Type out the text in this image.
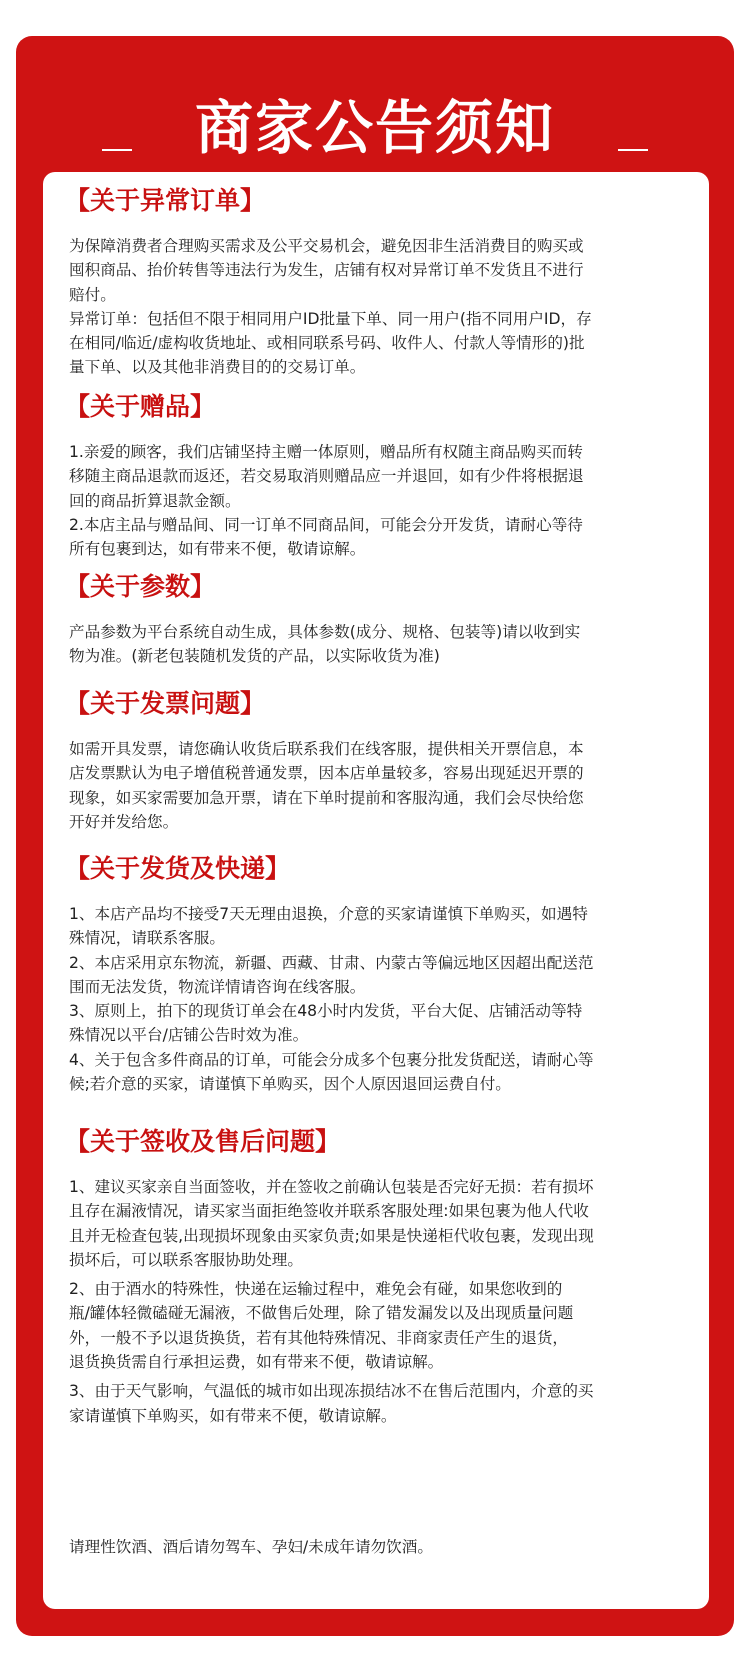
商家公告须知
【关于异常订单】
为保障消费者合理购买需求及公平交易机会，避免因非生活消费目的购买或
囤积商品、抬价转售等违法行为发生，店铺有权对异常订单不发货且不进行
赔付。
异常订单：包括但不限于相同用户ID批量下单、同一用户(指不同用户ID，存
在相同/临近/虚构收货地址、或相同联系号码、收件人、付款人等情形的)批
量下单、以及其他非消费目的的交易订单。
【关于赠品】
1.亲爱的顾客，我们店铺坚持主赠一体原则，赠品所有权随主商品购买而转
移随主商品退款而返还，若交易取消则赠品应一并退回，如有少件将根据退
回的商品折算退款金额。
2.本店主品与赠品间、同一订单不同商品间，可能会分开发货，请耐心等待
所有包裹到达，如有带来不便，敬请谅解。
【关于参数】
产品参数为平台系统自动生成，具体参数(成分、规格、包装等)请以收到实
物为准。(新老包装随机发货的产品，以实际收货为准)
【关于发票问题】
如需开具发票，请您确认收货后联系我们在线客服，提供相关开票信息，本
店发票默认为电子增值税普通发票，因本店单量较多，容易出现延迟开票的
现象，如买家需要加急开票，请在下单时提前和客服沟通，我们会尽快给您
开好并发给您。
【关于发货及快递】
1、本店产品均不接受7天无理由退换，介意的买家请谨慎下单购买，如遇特
殊情况，请联系客服。
2、本店采用京东物流，新疆、西藏、甘肃、内蒙古等偏远地区因超出配送范
围而无法发货，物流详情请咨询在线客服。
3、原则上，拍下的现货订单会在48小时内发货，平台大促、店铺活动等特
殊情况以平台/店铺公告时效为准。
4、关于包含多件商品的订单，可能会分成多个包裹分批发货配送，请耐心等
候;若介意的买家，请谨慎下单购买，因个人原因退回运费自付。
【关于签收及售后问题】
1、建议买家亲自当面签收，并在签收之前确认包装是否完好无损：若有损坏
且存在漏液情况，请买家当面拒绝签收并联系客服处理:如果包裹为他人代收
且并无检查包装,出现损坏现象由买家负责;如果是快递柜代收包裹，发现出现
损坏后，可以联系客服协助处理。
2、由于酒水的特殊性，快递在运输过程中，难免会有碰，如果您收到的
瓶/罐体轻微磕碰无漏液，不做售后处理，除了错发漏发以及出现质量问题
外，一般不予以退货换货，若有其他特殊情况、非商家责任产生的退货，
退货换货需自行承担运费，如有带来不便，敬请谅解。
3、由于天气影响，气温低的城市如出现冻损结冰不在售后范围内，介意的买
家请谨慎下单购买，如有带来不便，敬请谅解。
请理性饮酒、酒后请勿驾车、孕妇/未成年请勿饮酒。
